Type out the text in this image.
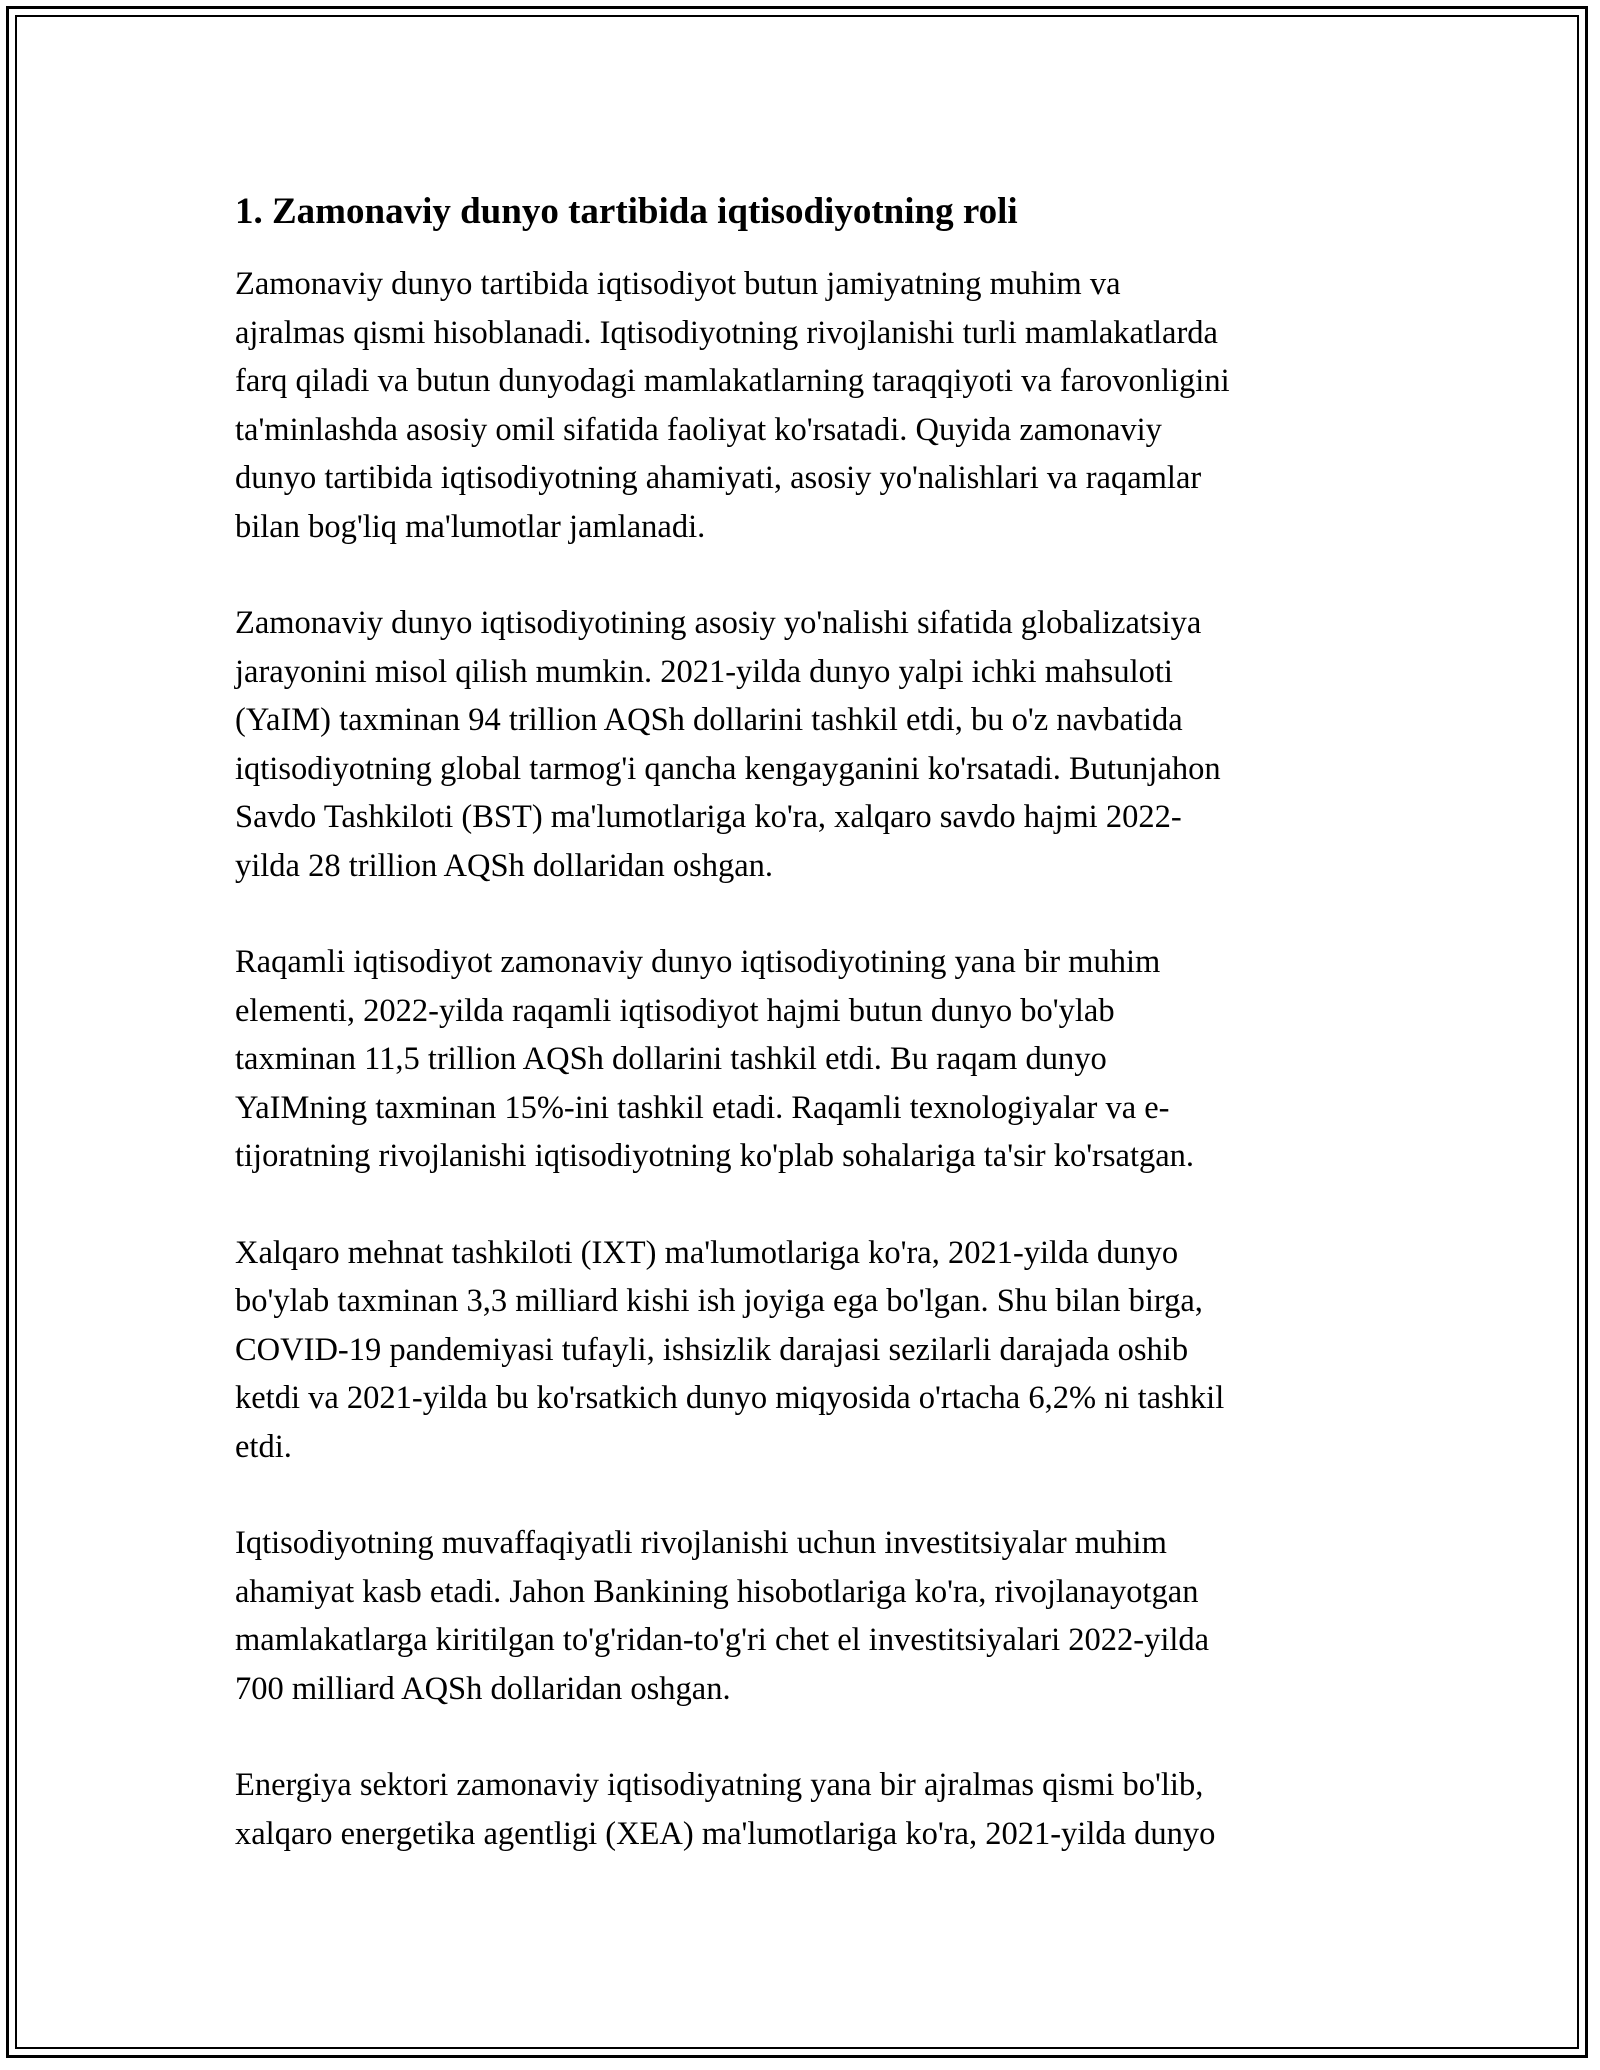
1. Zamonaviy dunyo tartibida iqtisodiyotning roli

Zamonaviy dunyo tartibida iqtisodiyot butun jamiyatning muhim va
ajralmas qismi hisoblanadi. Iqtisodiyotning rivojlanishi turli mamlakatlarda
farq qiladi va butun dunyodagi mamlakatlarning taraqqiyoti va farovonligini
ta'minlashda asosiy omil sifatida faoliyat ko'rsatadi. Quyida zamonaviy
dunyo tartibida iqtisodiyotning ahamiyati, asosiy yo'nalishlari va raqamlar
bilan bog'liq ma'lumotlar jamlanadi.

Zamonaviy dunyo iqtisodiyotining asosiy yo'nalishi sifatida globalizatsiya
jarayonini misol qilish mumkin. 2021-yilda dunyo yalpi ichki mahsuloti
(YaIM) taxminan 94 trillion AQSh dollarini tashkil etdi, bu o'z navbatida
iqtisodiyotning global tarmog'i qancha kengayganini ko'rsatadi. Butunjahon
Savdo Tashkiloti (BST) ma'lumotlariga ko'ra, xalqaro savdo hajmi 2022-
yilda 28 trillion AQSh dollaridan oshgan.

Raqamli iqtisodiyot zamonaviy dunyo iqtisodiyotining yana bir muhim
elementi, 2022-yilda raqamli iqtisodiyot hajmi butun dunyo bo'ylab
taxminan 11,5 trillion AQSh dollarini tashkil etdi. Bu raqam dunyo
YaIMning taxminan 15%-ini tashkil etadi. Raqamli texnologiyalar va e-
tijoratning rivojlanishi iqtisodiyotning ko'plab sohalariga ta'sir ko'rsatgan.

Xalqaro mehnat tashkiloti (IXT) ma'lumotlariga ko'ra, 2021-yilda dunyo
bo'ylab taxminan 3,3 milliard kishi ish joyiga ega bo'lgan. Shu bilan birga,
COVID-19 pandemiyasi tufayli, ishsizlik darajasi sezilarli darajada oshib
ketdi va 2021-yilda bu ko'rsatkich dunyo miqyosida o'rtacha 6,2% ni tashkil
etdi.

Iqtisodiyotning muvaffaqiyatli rivojlanishi uchun investitsiyalar muhim
ahamiyat kasb etadi. Jahon Bankining hisobotlariga ko'ra, rivojlanayotgan
mamlakatlarga kiritilgan to'g'ridan-to'g'ri chet el investitsiyalari 2022-yilda
700 milliard AQSh dollaridan oshgan.

Energiya sektori zamonaviy iqtisodiyatning yana bir ajralmas qismi bo'lib,
xalqaro energetika agentligi (XEA) ma'lumotlariga ko'ra, 2021-yilda dunyo
